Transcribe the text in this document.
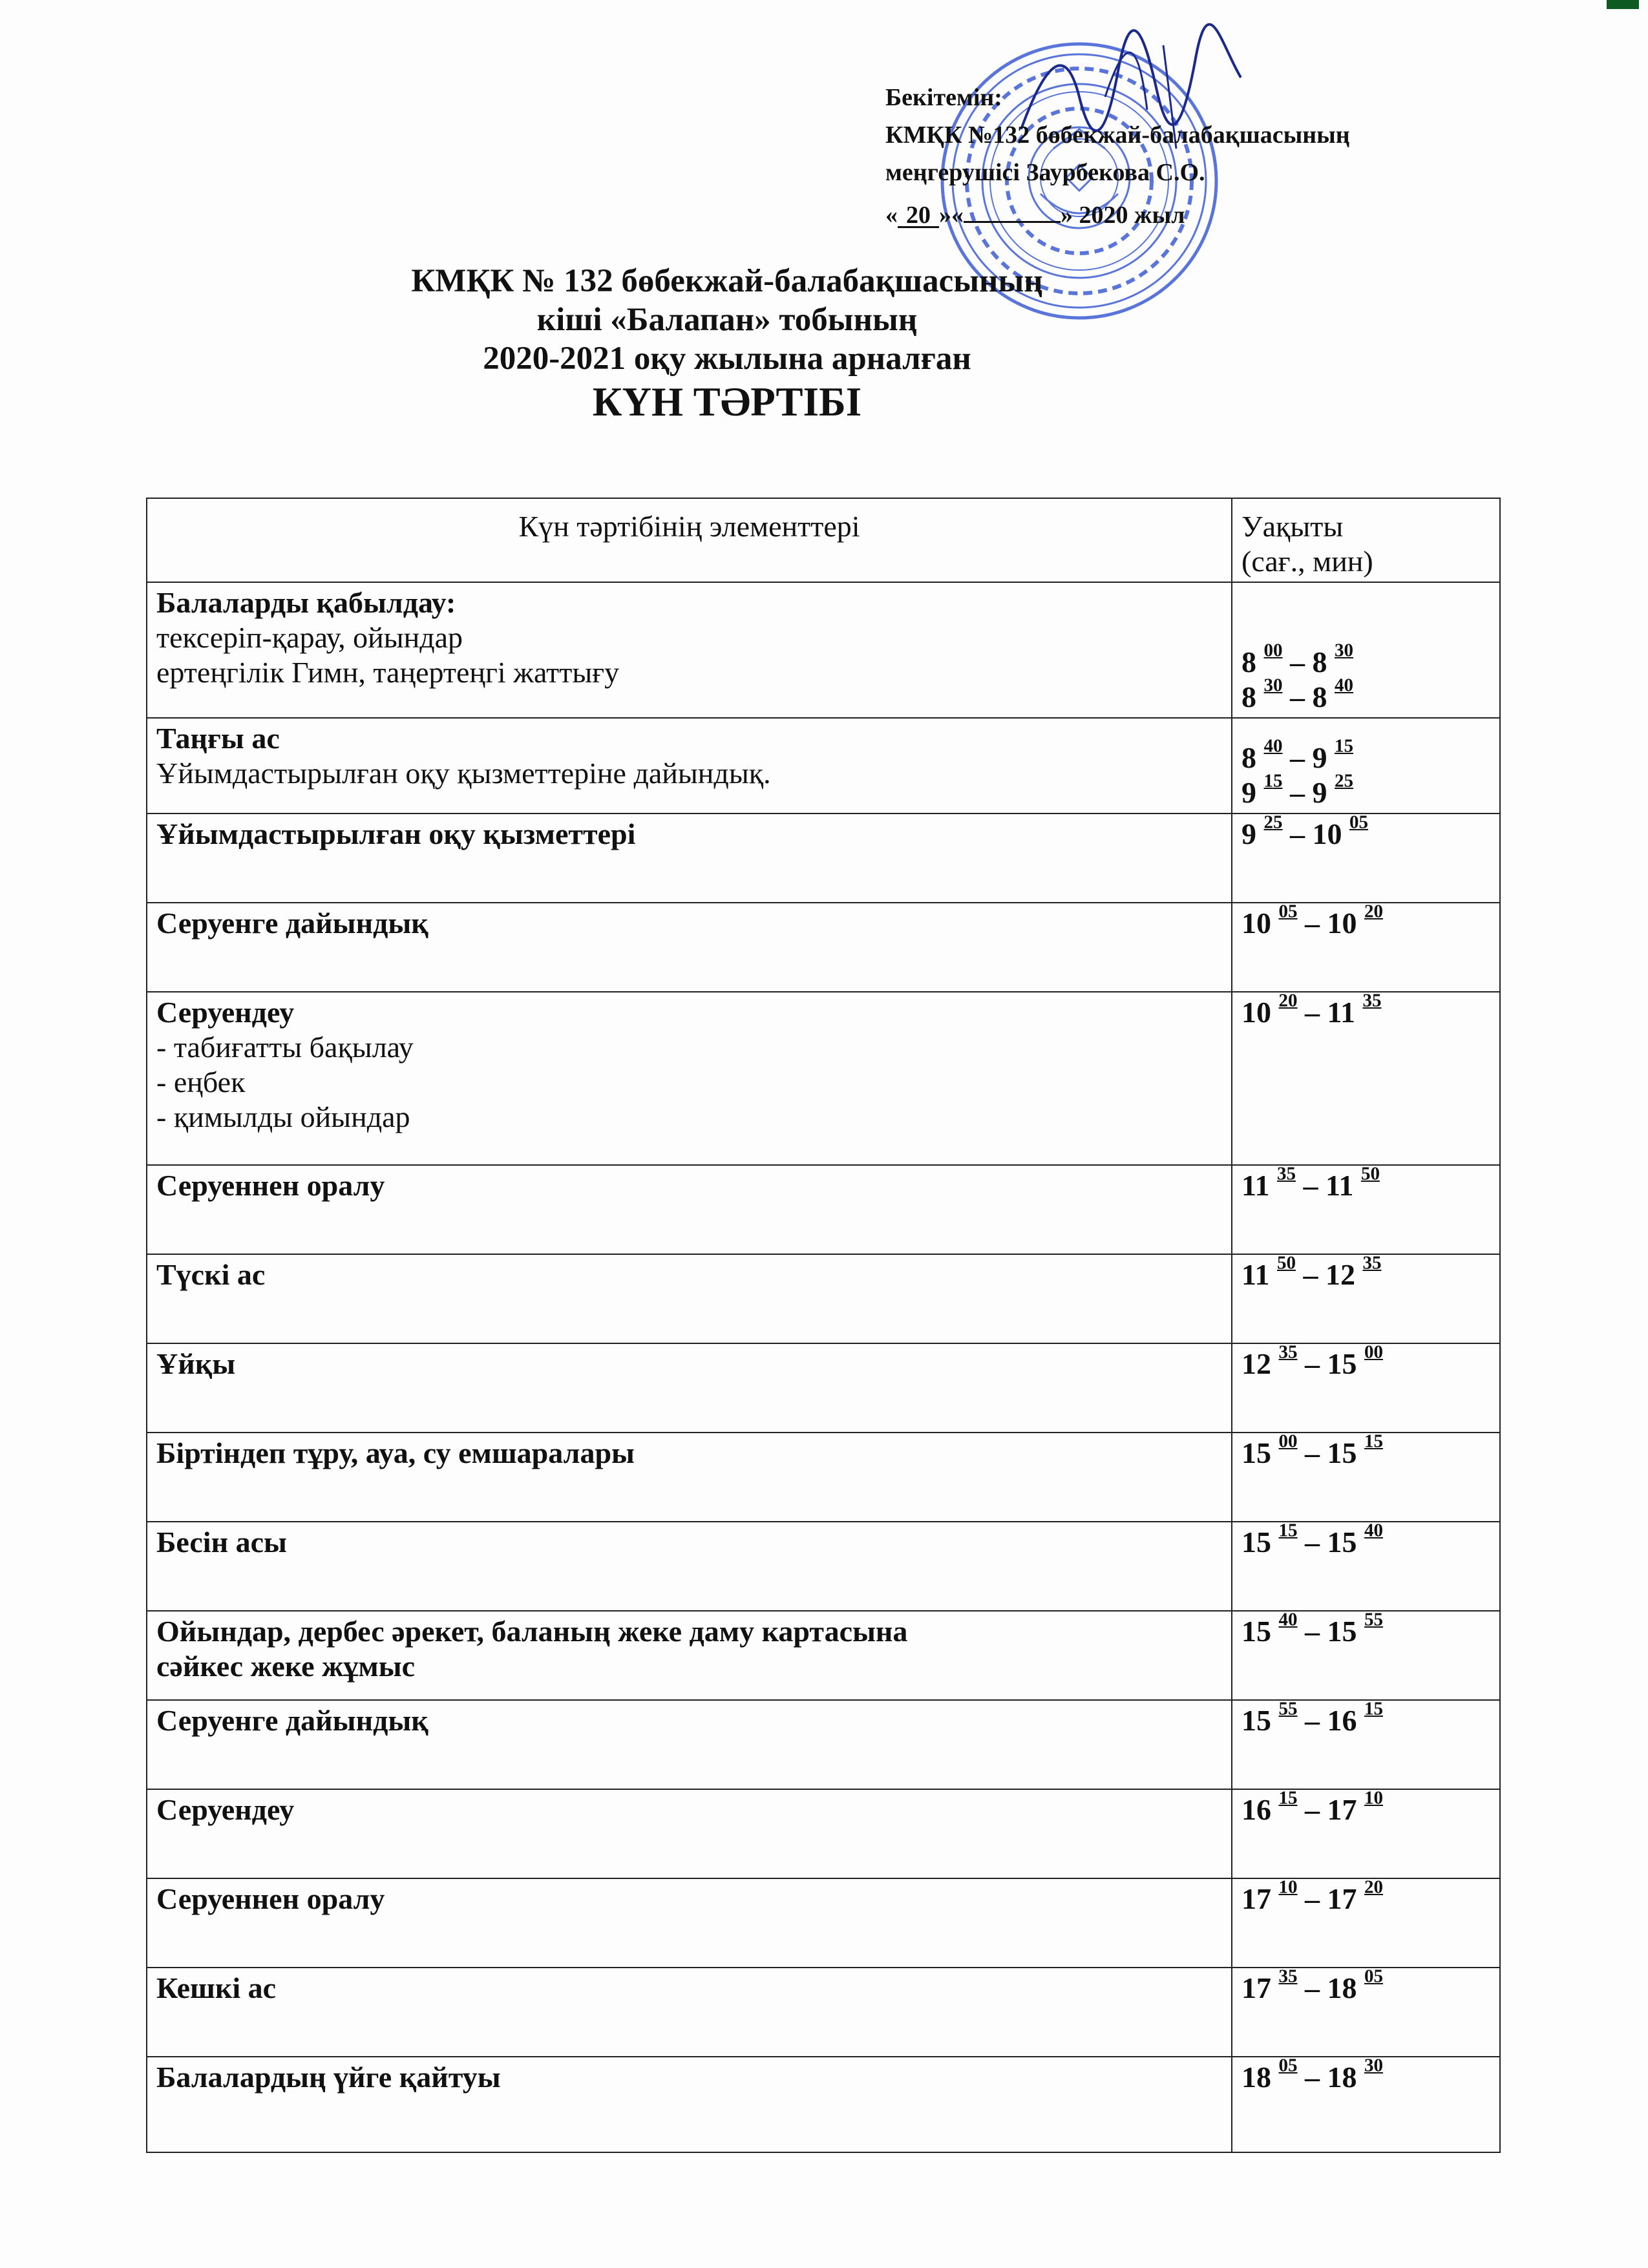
Бекітемін:
КМҚК №132 бөбекжай-балабақшасының
меңгерушісі Заурбекова С.О.
« 20 »«	» 2020 жыл
КМҚК № 132 бөбекжай-балабақшасының
кіші «Балапан» тобының
2020-2021 оқу жылына арналған
КҮН ТӘРТІБІ
Күн тәртібінің элементтері	Уақыты
(сағ., мин)

Балаларды қабылдау:
тексеріп-қарау, ойындар
ертеңгілік Гимн, таңертеңгі жаттығу	8 $^{00}$ – 8 $^{30}$
8 $^{30}$ – 8 $^{40}$

Таңғы ас
Ұйымдастырылған оқу қызметтеріне дайындық.	8 $^{40}$ – 9 $^{15}$
9 $^{15}$ – 9 $^{25}$

Ұйымдастырылған оқу қызметтері	9 $^{25}$ – 10 $^{05}$

Серуенге дайындық	10 $^{05}$ – 10 $^{20}$

Серуендеу
- табиғатты бақылау
- еңбек
- қимылды ойындар	10 $^{20}$ – 11 $^{35}$

Серуеннен оралу	11 $^{35}$ – 11 $^{50}$

Түскі ас	11 $^{50}$ – 12 $^{35}$

Ұйқы	12 $^{35}$ – 15 $^{00}$

Біртіндеп тұру, ауа, су емшаралары	15 $^{00}$ – 15 $^{15}$

Бесін асы	15 $^{15}$ – 15 $^{40}$

Ойындар, дербес әрекет, баланың жеке даму картасына
сәйкес жеке жұмыс	15 $^{40}$ – 15 $^{55}$

Серуенге дайындық	15 $^{55}$ – 16 $^{15}$

Серуендеу	16 $^{15}$ – 17 $^{10}$

Серуеннен оралу	17 $^{10}$ – 17 $^{20}$

Кешкі ас	17 $^{35}$ – 18 $^{05}$

Балалардың үйге қайтуы	18 $^{05}$ – 18 $^{30}$
